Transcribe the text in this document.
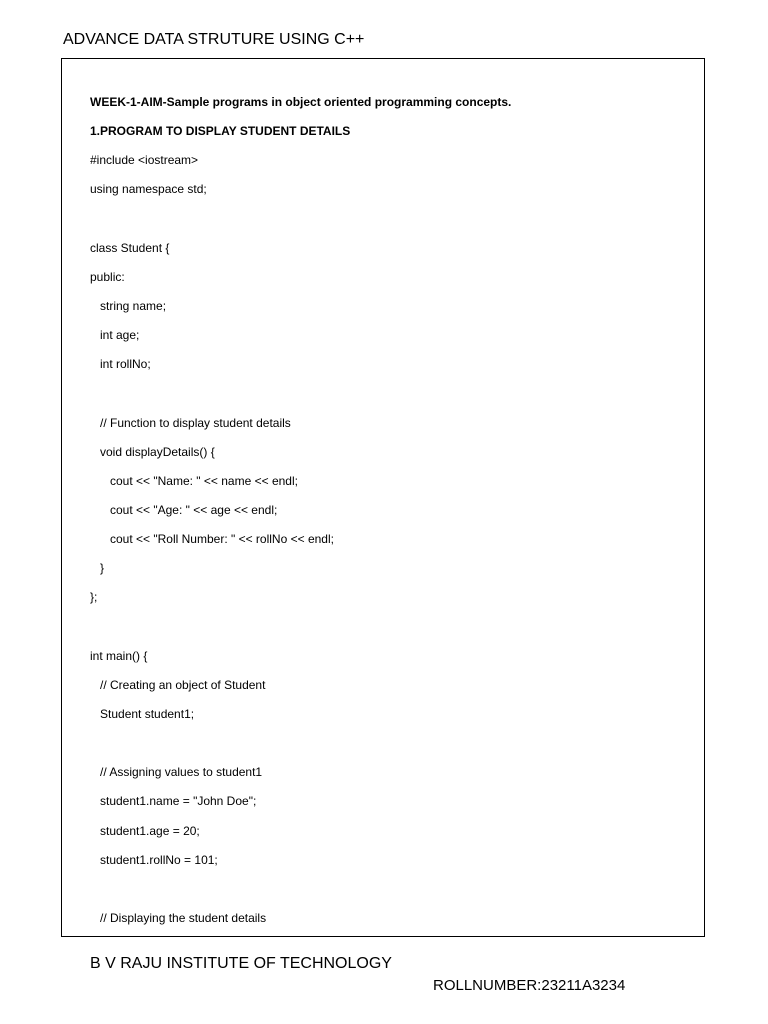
ADVANCE DATA STRUTURE USING C++
WEEK-1-AIM-Sample programs in object oriented programming concepts.
1.PROGRAM TO DISPLAY STUDENT DETAILS
#include <iostream>
using namespace std;
class Student {
public:
string name;
int age;
int rollNo;
// Function to display student details
void displayDetails() {
cout << "Name: " << name << endl;
cout << "Age: " << age << endl;
cout << "Roll Number: " << rollNo << endl;
}
};
int main() {
// Creating an object of Student
Student student1;
// Assigning values to student1
student1.name = "John Doe";
student1.age = 20;
student1.rollNo = 101;
// Displaying the student details
B V RAJU INSTITUTE OF TECHNOLOGY
ROLLNUMBER:23211A3234
